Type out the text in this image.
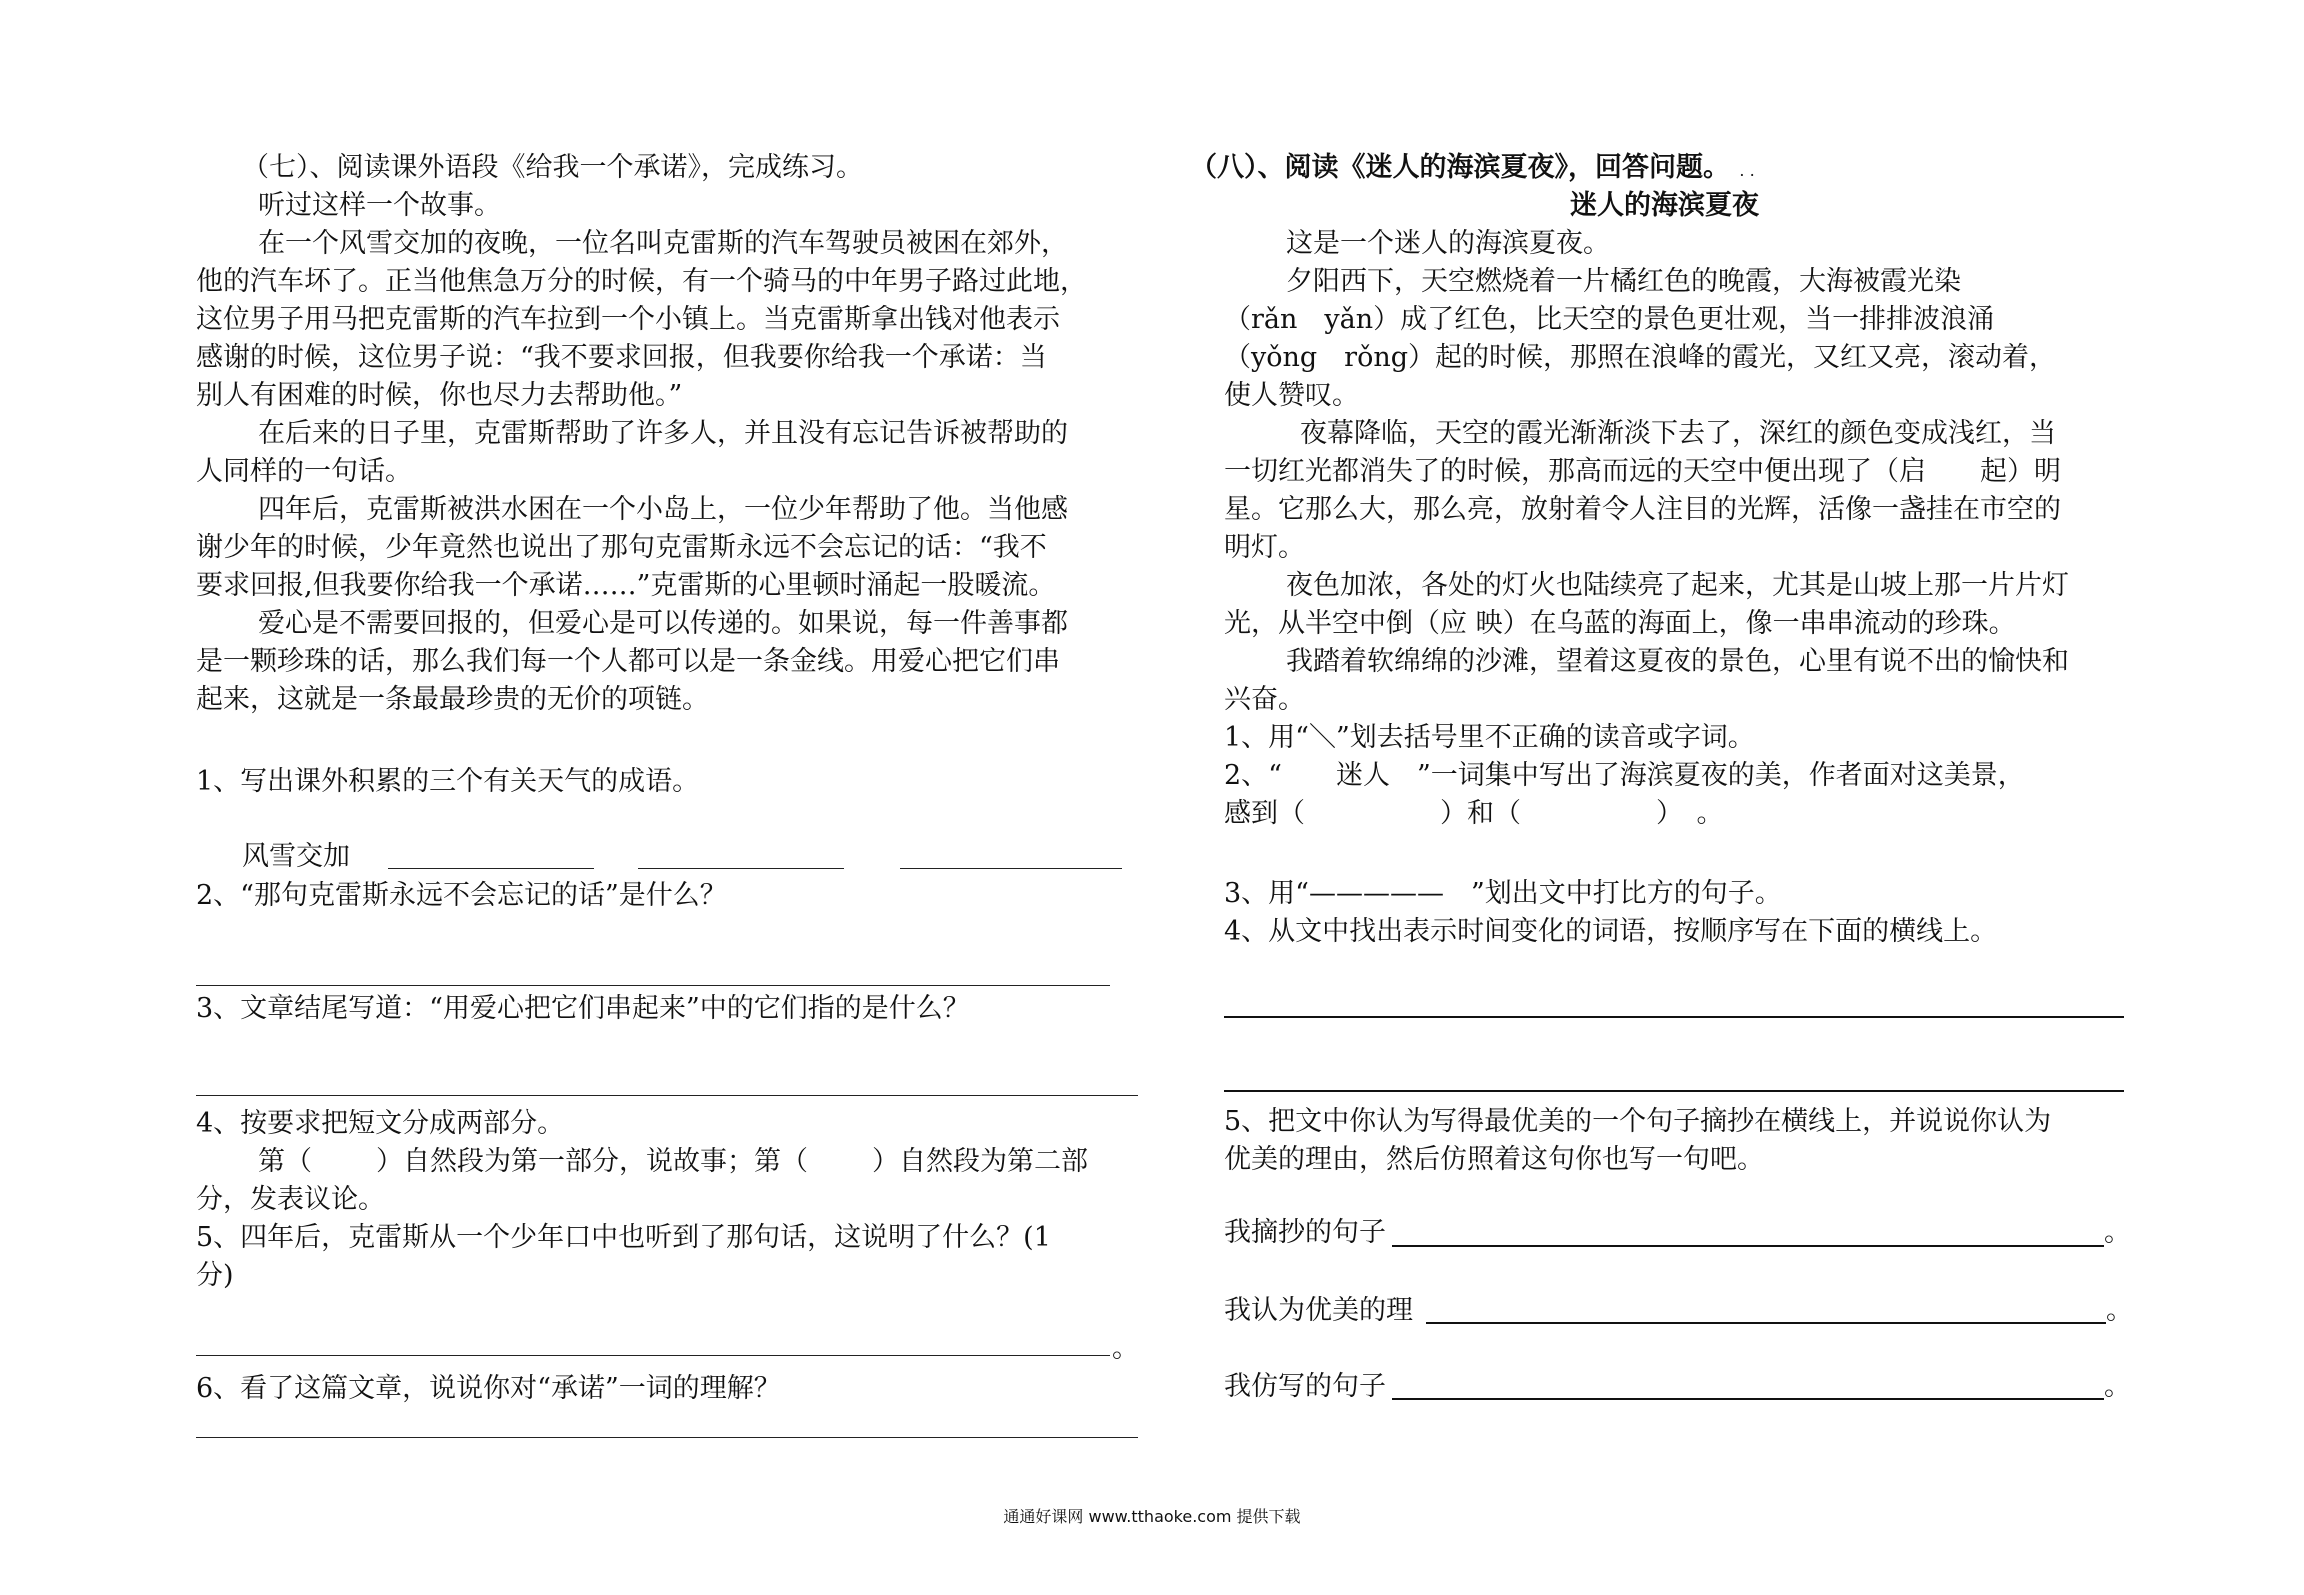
（七）、阅读课外语段《给我一个承诺》，完成练习。
听过这样一个故事。
在一个风雪交加的夜晚，一位名叫克雷斯的汽车驾驶员被困在郊外，
他的汽车坏了。正当他焦急万分的时候，有一个骑马的中年男子路过此地，
这位男子用马把克雷斯的汽车拉到一个小镇上。当克雷斯拿出钱对他表示
感谢的时候，这位男子说：“我不要求回报，但我要你给我一个承诺：当
别人有困难的时候，你也尽力去帮助他。”
在后来的日子里，克雷斯帮助了许多人，并且没有忘记告诉被帮助的
人同样的一句话。
四年后，克雷斯被洪水困在一个小岛上，一位少年帮助了他。当他感
谢少年的时候，少年竟然也说出了那句克雷斯永远不会忘记的话：“我不
要求回报,但我要你给我一个承诺……”克雷斯的心里顿时涌起一股暖流。
爱心是不需要回报的，但爱心是可以传递的。如果说，每一件善事都
是一颗珍珠的话，那么我们每一个人都可以是一条金线。用爱心把它们串
起来，这就是一条最最珍贵的无价的项链。
1、写出课外积累的三个有关天气的成语。
风雪交加
2、“那句克雷斯永远不会忘记的话”是什么？
3、文章结尾写道：“用爱心把它们串起来”中的它们指的是什么？
4、按要求把短文分成两部分。
第（ ）自然段为第一部分，说故事；第（ ）自然段为第二部
分，发表议论。
5、四年后，克雷斯从一个少年口中也听到了那句话，这说明了什么？(1
分)
。
6、看了这篇文章，说说你对“承诺”一词的理解？
（八）、阅读《迷人的海滨夏夜》，回答问题。 . .
迷人的海滨夏夜
这是一个迷人的海滨夏夜。
夕阳西下，天空燃烧着一片橘红色的晚霞，大海被霞光染
（rǎn　yǎn）成了红色，比天空的景色更壮观，当一排排波浪涌
（yǒng　rǒng）起的时候，那照在浪峰的霞光，又红又亮，滚动着，
使人赞叹。
夜幕降临，天空的霞光渐渐淡下去了，深红的颜色变成浅红，当
一切红光都消失了的时候，那高而远的天空中便出现了（启　　起）明
星。它那么大，那么亮，放射着令人注目的光辉，活像一盏挂在市空的
明灯。
夜色加浓，各处的灯火也陆续亮了起来，尤其是山坡上那一片片灯
光，从半空中倒（应 映）在乌蓝的海面上，像一串串流动的珍珠。
我踏着软绵绵的沙滩，望着这夏夜的景色，心里有说不出的愉快和
兴奋。
1、用“＼”划去括号里不正确的读音或字词。
2、“　　迷人　”一词集中写出了海滨夏夜的美，作者面对这美景，
感到（　　　　　）和（　　　　　）　。
3、用“—————　”划出文中打比方的句子。
4、从文中找出表示时间变化的词语，按顺序写在下面的横线上。
5、把文中你认为写得最优美的一个句子摘抄在横线上，并说说你认为
优美的理由，然后仿照着这句你也写一句吧。
我摘抄的句子	。
我认为优美的理	。
我仿写的句子	。
通通好课网 www.tthaoke.com 提供下载
